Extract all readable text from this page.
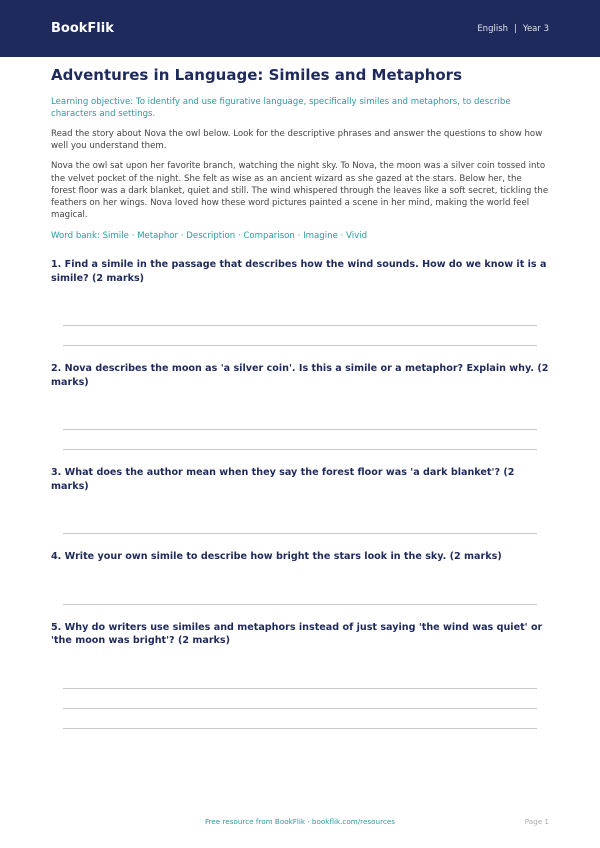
BookFlik	English | Year 3
Adventures in Language: Similes and Metaphors

Learning objective: To identify and use figurative language, specifically similes and metaphors, to describe characters and settings.

Read the story about Nova the owl below. Look for the descriptive phrases and answer the questions to show how well you understand them.

Nova the owl sat upon her favorite branch, watching the night sky. To Nova, the moon was a silver coin tossed into the velvet pocket of the night. She felt as wise as an ancient wizard as she gazed at the stars. Below her, the forest floor was a dark blanket, quiet and still. The wind whispered through the leaves like a soft secret, tickling the feathers on her wings. Nova loved how these word pictures painted a scene in her mind, making the world feel magical.

Word bank: Simile · Metaphor · Description · Comparison · Imagine · Vivid

1. Find a simile in the passage that describes how the wind sounds. How do we know it is a simile? (2 marks)

2. Nova describes the moon as 'a silver coin'. Is this a simile or a metaphor? Explain why. (2 marks)

3. What does the author mean when they say the forest floor was 'a dark blanket'? (2 marks)

4. Write your own simile to describe how bright the stars look in the sky. (2 marks)

5. Why do writers use similes and metaphors instead of just saying 'the wind was quiet' or 'the moon was bright'? (2 marks)

Free resource from BookFlik · bookflik.com/resources	Page 1
